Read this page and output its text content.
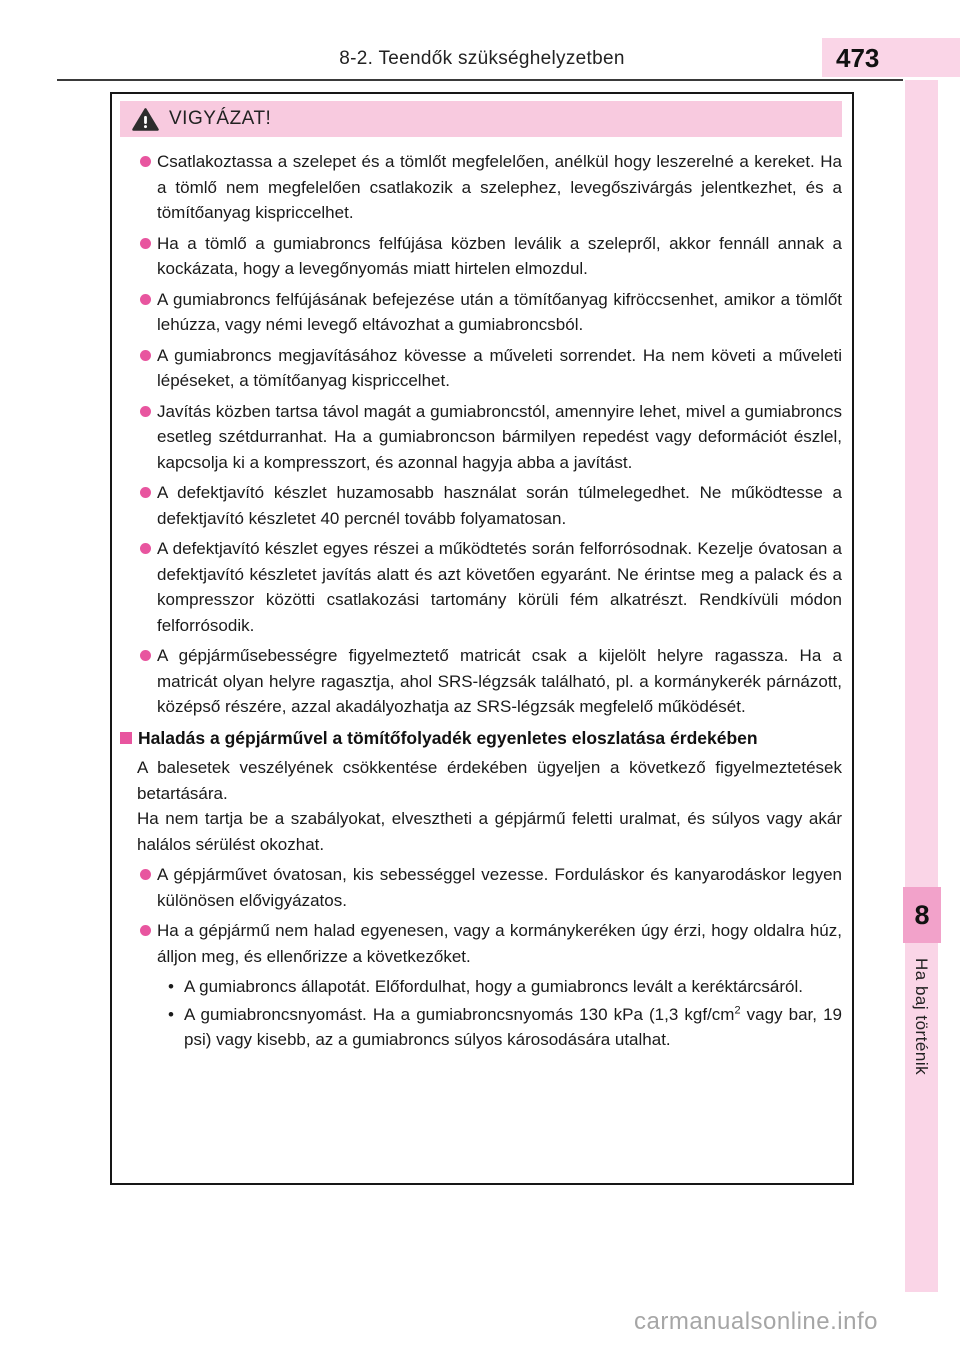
8-2. Teendők szükséghelyzetben	473
8
Ha baj történik
VIGYÁZAT!
Csatlakoztassa a szelepet és a tömlőt megfelelően, anélkül hogy leszerelné a kereket. Ha a tömlő nem megfelelően csatlakozik a szelephez, levegőszivárgás jelentkezhet, és a tömítőanyag kispriccelhet.
Ha a tömlő a gumiabroncs felfújása közben leválik a szelepről, akkor fennáll annak a kockázata, hogy a levegőnyomás miatt hirtelen elmozdul.
A gumiabroncs felfújásának befejezése után a tömítőanyag kifröccsenhet, amikor a tömlőt lehúzza, vagy némi levegő eltávozhat a gumiabroncsból.
A gumiabroncs megjavításához kövesse a műveleti sorrendet. Ha nem követi a műveleti lépéseket, a tömítőanyag kispriccelhet.
Javítás közben tartsa távol magát a gumiabroncstól, amennyire lehet, mivel a gumiabroncs esetleg szétdurranhat. Ha a gumiabroncson bármilyen repedést vagy deformációt észlel, kapcsolja ki a kompresszort, és azonnal hagyja abba a javítást.
A defektjavító készlet huzamosabb használat során túlmelegedhet. Ne működtesse a defektjavító készletet 40 percnél tovább folyamatosan.
A defektjavító készlet egyes részei a működtetés során felforrósodnak. Kezelje óvatosan a defektjavító készletet javítás alatt és azt követően egyaránt. Ne érintse meg a palack és a kompresszor közötti csatlakozási tartomány körüli fém alkatrészt. Rendkívüli módon felforrósodik.
A gépjárműsebességre figyelmeztető matricát csak a kijelölt helyre ragassza. Ha a matricát olyan helyre ragasztja, ahol SRS-légzsák található, pl. a kormánykerék párnázott, középső részére, azzal akadályozhatja az SRS-légzsák megfelelő működését.
Haladás a gépjárművel a tömítőfolyadék egyenletes eloszlatása érdekében

A balesetek veszélyének csökkentése érdekében ügyeljen a következő figyelmeztetések betartására.

Ha nem tartja be a szabályokat, elvesztheti a gépjármű feletti uralmat, és súlyos vagy akár halálos sérülést okozhat.

A gépjárművet óvatosan, kis sebességgel vezesse. Forduláskor és kanyarodáskor legyen különösen elővigyázatos.
Ha a gépjármű nem halad egyenesen, vagy a kormánykeréken úgy érzi, hogy oldalra húz, álljon meg, és ellenőrizze a következőket.
• A gumiabroncs állapotát. Előfordulhat, hogy a gumiabroncs levált a keréktárcsáról.
• A gumiabroncsnyomást. Ha a gumiabroncsnyomás 130 kPa (1,3 kgf/$cm^2$ vagy bar, 19 psi) vagy kisebb, az a gumiabroncs súlyos károsodására utalhat.
carmanualsonline.info
